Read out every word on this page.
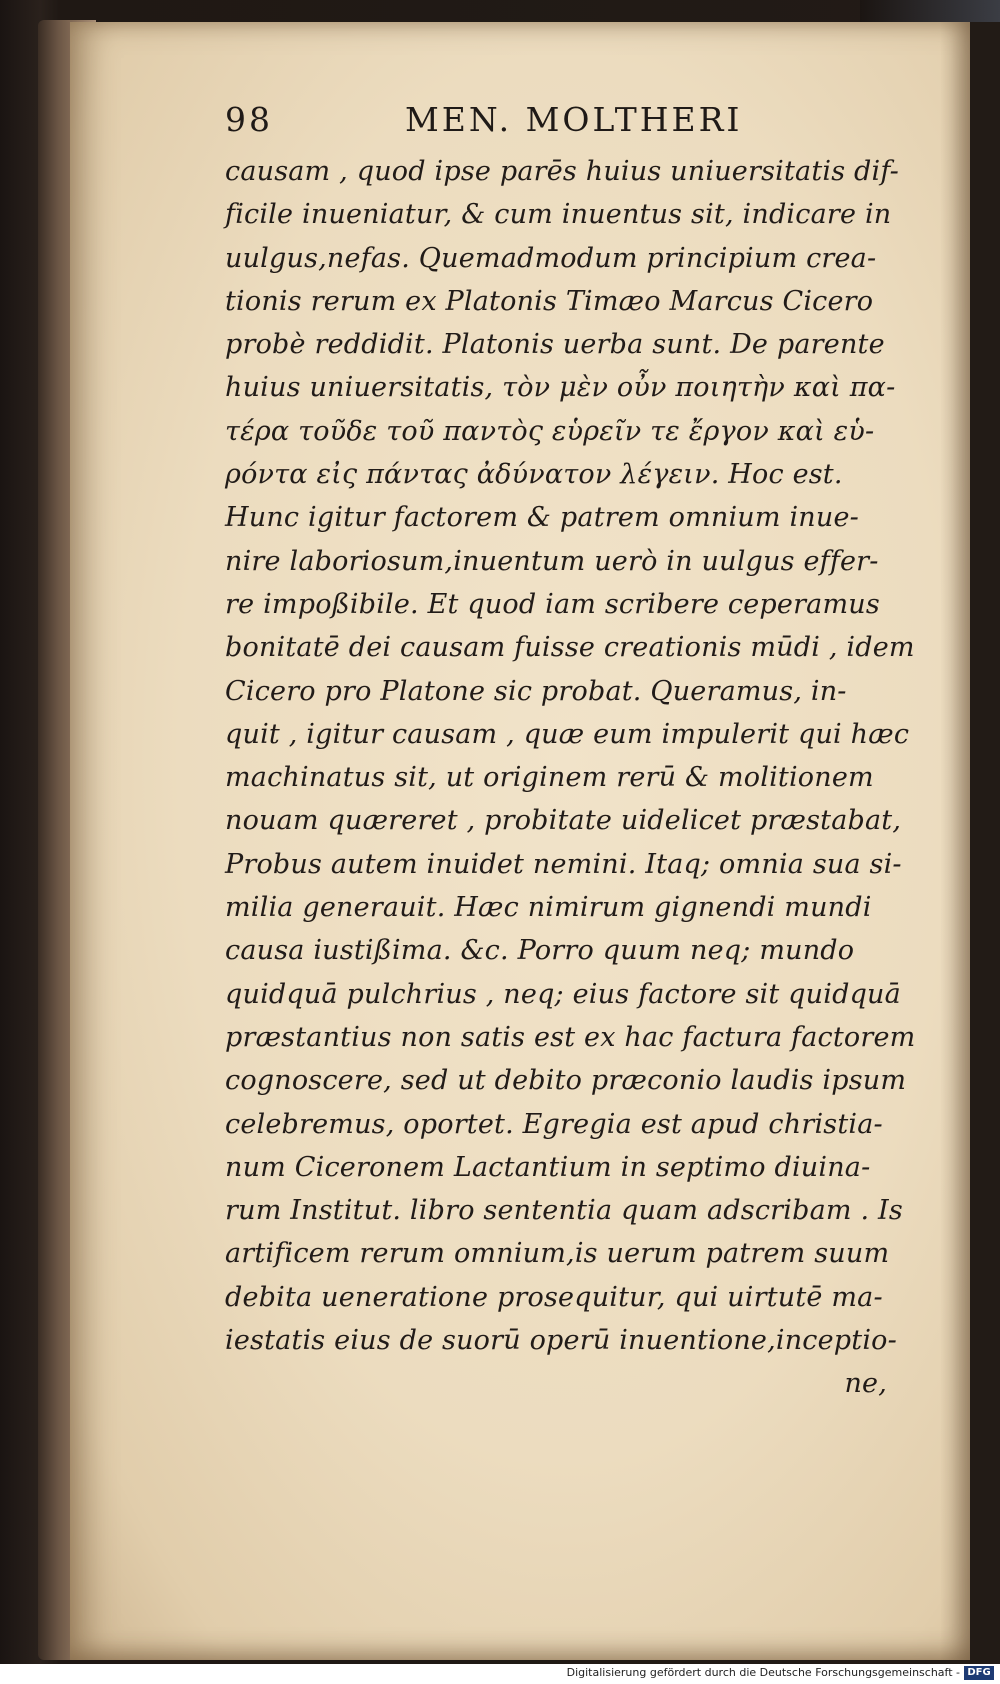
98	MEN. MOLTHERI
causam , quod ipse parēs huius uniuersitatis dif-
ficile inueniatur, & cum inuentus sit, indicare in
uulgus,nefas. Quemadmodum principium crea-
tionis rerum ex Platonis Timæo Marcus Cicero
probè reddidit. Platonis uerba sunt. De parente
huius uniuersitatis, τὸν μὲν οὖν ποιητὴν καὶ πα-
τέρα τοῦδε τοῦ παντὸς εὑρεῖν τε ἔργον καὶ εὑ-
ρόντα εἰς πάντας ἀδύνατον λέγειν. Hoc est.
Hunc igitur factorem & patrem omnium inue-
nire laboriosum,inuentum uerò in uulgus effer-
re impoßibile. Et quod iam scribere ceperamus
bonitatē dei causam fuisse creationis mūdi , idem
Cicero pro Platone sic probat. Queramus, in-
quit , igitur causam , quæ eum impulerit qui hæc
machinatus sit, ut originem rerū & molitionem
nouam quæreret , probitate uidelicet præstabat,
Probus autem inuidet nemini. Itaq; omnia sua si-
milia generauit. Hæc nimirum gignendi mundi
causa iustißima. &c. Porro quum neq; mundo
quidquā pulchrius , neq; eius factore sit quidquā
præstantius non satis est ex hac factura factorem
cognoscere, sed ut debito præconio laudis ipsum
celebremus, oportet. Egregia est apud christia-
num Ciceronem Lactantium in septimo diuina-
rum Institut. libro sententia quam adscribam . Is
artificem rerum omnium,is uerum patrem suum
debita ueneratione prosequitur, qui uirtutē ma-
iestatis eius de suorū operū inuentione,inceptio-
ne,
Digitalisierung gefördert durch die Deutsche Forschungsgemeinschaft - DFG
